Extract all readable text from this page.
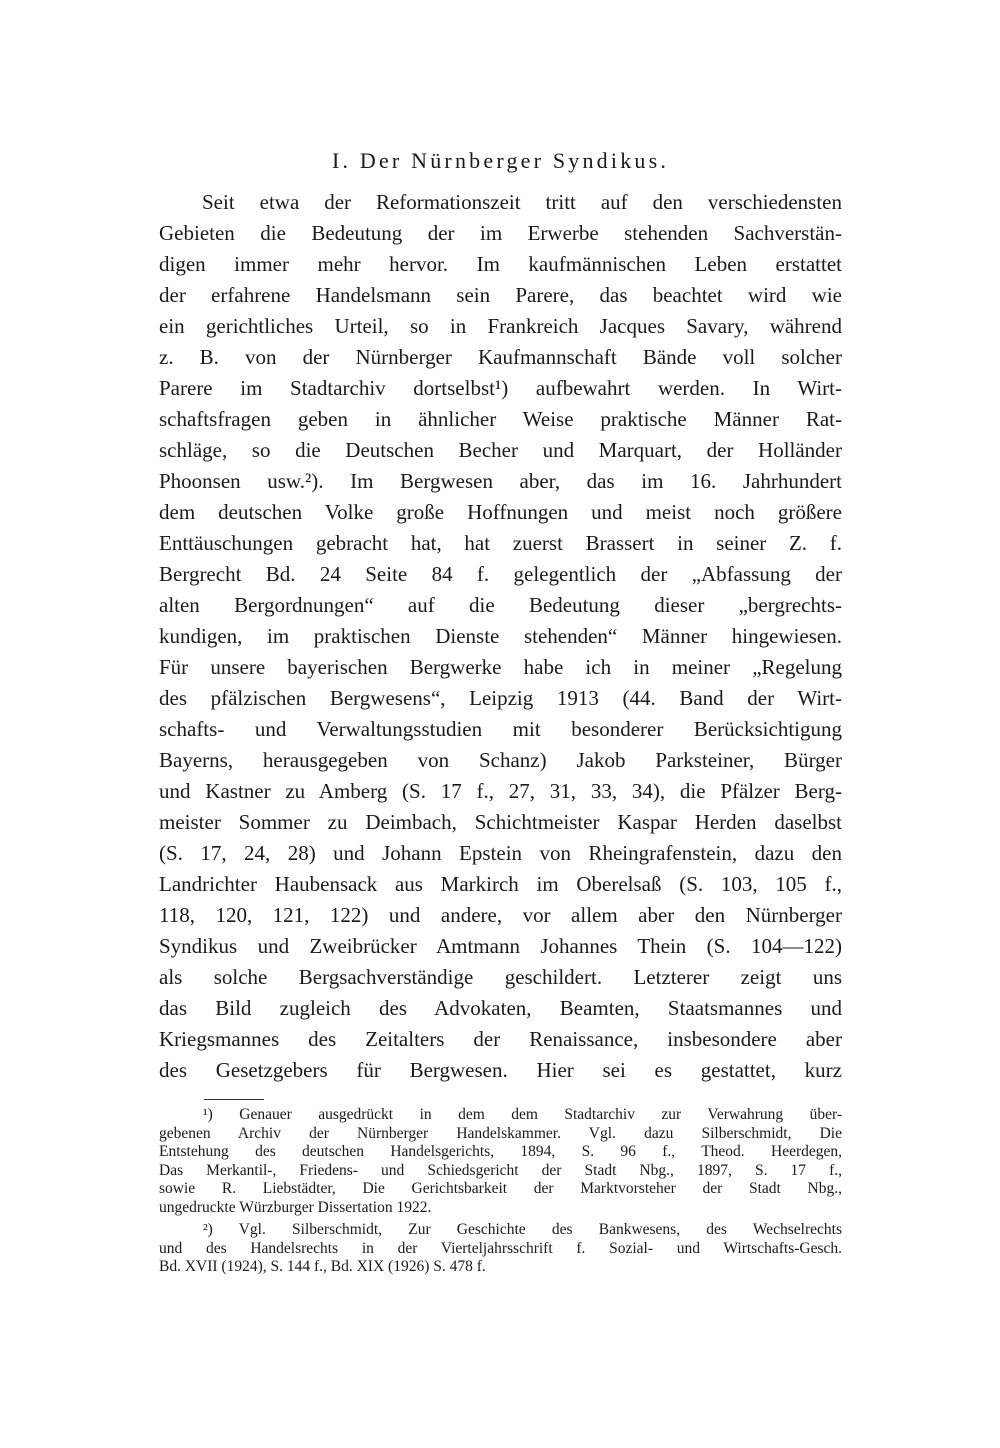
I. Der Nürnberger Syndikus.
Seit etwa der Reformationszeit tritt auf den verschiedensten
Gebieten die Bedeutung der im Erwerbe stehenden Sachverstän-
digen immer mehr hervor. Im kaufmännischen Leben erstattet
der erfahrene Handelsmann sein Parere, das beachtet wird wie
ein gerichtliches Urteil, so in Frankreich Jacques Savary, während
z. B. von der Nürnberger Kaufmannschaft Bände voll solcher
Parere im Stadtarchiv dortselbst¹) aufbewahrt werden. In Wirt-
schaftsfragen geben in ähnlicher Weise praktische Männer Rat-
schläge, so die Deutschen Becher und Marquart, der Holländer
Phoonsen usw.²). Im Bergwesen aber, das im 16. Jahrhundert
dem deutschen Volke große Hoffnungen und meist noch größere
Enttäuschungen gebracht hat, hat zuerst Brassert in seiner Z. f.
Bergrecht Bd. 24 Seite 84 f. gelegentlich der „Abfassung der
alten Bergordnungen“ auf die Bedeutung dieser „bergrechts-
kundigen, im praktischen Dienste stehenden“ Männer hingewiesen.
Für unsere bayerischen Bergwerke habe ich in meiner „Regelung
des pfälzischen Bergwesens“, Leipzig 1913 (44. Band der Wirt-
schafts- und Verwaltungsstudien mit besonderer Berücksichtigung
Bayerns, herausgegeben von Schanz) Jakob Parksteiner, Bürger
und Kastner zu Amberg (S. 17 f., 27, 31, 33, 34), die Pfälzer Berg-
meister Sommer zu Deimbach, Schichtmeister Kaspar Herden daselbst
(S. 17, 24, 28) und Johann Epstein von Rheingrafenstein, dazu den
Landrichter Haubensack aus Markirch im Oberelsaß (S. 103, 105 f.,
118, 120, 121, 122) und andere, vor allem aber den Nürnberger
Syndikus und Zweibrücker Amtmann Johannes Thein (S. 104—122)
als solche Bergsachverständige geschildert. Letzterer zeigt uns
das Bild zugleich des Advokaten, Beamten, Staatsmannes und
Kriegsmannes des Zeitalters der Renaissance, insbesondere aber
des Gesetzgebers für Bergwesen. Hier sei es gestattet, kurz
¹) Genauer ausgedrückt in dem dem Stadtarchiv zur Verwahrung über-
gebenen Archiv der Nürnberger Handelskammer. Vgl. dazu Silberschmidt, Die
Entstehung des deutschen Handelsgerichts, 1894, S. 96 f., Theod. Heerdegen,
Das Merkantil-, Friedens- und Schiedsgericht der Stadt Nbg., 1897, S. 17 f.,
sowie R. Liebstädter, Die Gerichtsbarkeit der Marktvorsteher der Stadt Nbg.,
ungedruckte Würzburger Dissertation 1922.
²) Vgl. Silberschmidt, Zur Geschichte des Bankwesens, des Wechselrechts
und des Handelsrechts in der Vierteljahrsschrift f. Sozial- und Wirtschafts-Gesch.
Bd. XVII (1924), S. 144 f., Bd. XIX (1926) S. 478 f.
